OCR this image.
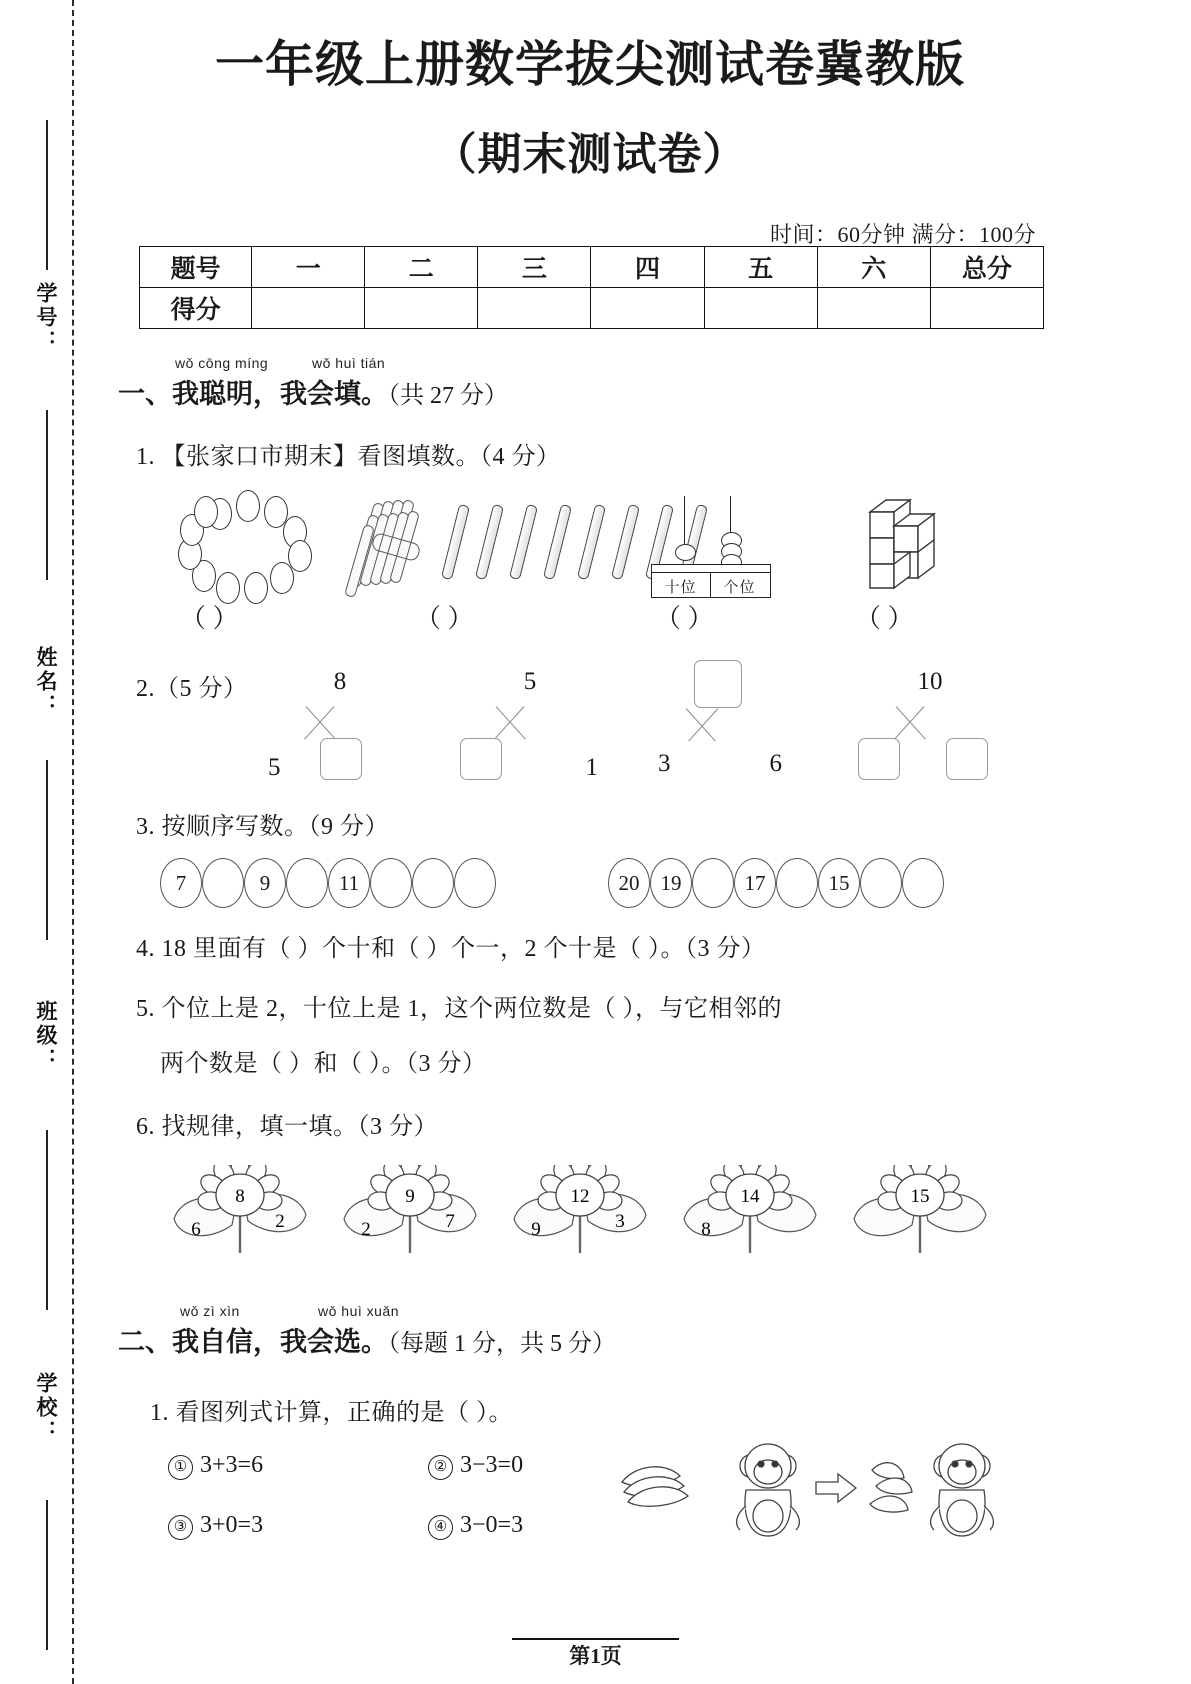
学号：
姓名：
班级：
学校：
一年级上册数学拔尖测试卷冀教版
（期末测试卷）
时间：60分钟 满分：100分
题号	一	二	三	四	五	六	总分
得分							
wǒ cōng míng	wǒ huì tián
一、我聪明，我会填。（共 27 分）
1. 【张家口市期末】看图填数。（4 分）
十位	个位
（ ）	（ ）	（ ）	（ ）
2.（5 分）	8
5
5
1 3	6
10
3. 按顺序写数。（9 分）
7	9	11	20	19	17	15
4. 18 里面有（ ）个十和（ ）个一，2 个十是（ ）。（3 分）
5. 个位上是 2，十位上是 1，这个两位数是（ ），与它相邻的
两个数是（ ）和（ ）。（3 分）
6. 找规律，填一填。（3 分）
8
6	2
9
2	7
12
9	3
14
8
15
wǒ zì xìn	wǒ huì xuǎn
二、我自信，我会选。（每题 1 分，共 5 分）
1. 看图列式计算，正确的是（ ）。
① 3+3=6	② 3−3=0
③ 3+0=3	④ 3−0=3
第1页
